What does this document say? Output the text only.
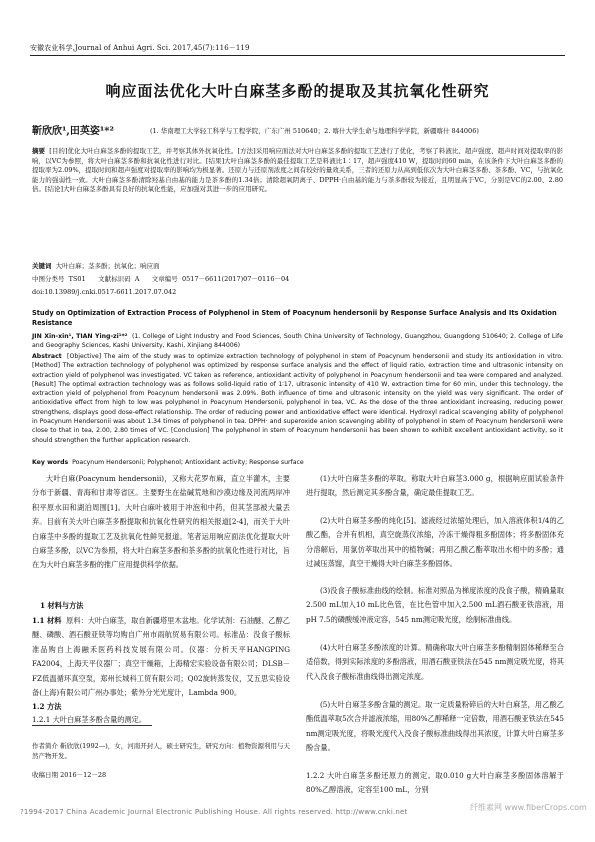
安徽农业科学,Journal of Anhui Agri. Sci. 2017,45(7):116－119
响应面法优化大叶白麻茎多酚的提取及其抗氧化性研究
靳欣欣¹,田英姿¹*²	(1. 华南理工大学轻工科学与工程学院，广东广州 510640；2. 喀什大学生命与地理科学学院，新疆喀什 844006)
摘要 [目的]优化大叶白麻茎多酚的提取工艺，并考察其体外抗氧化性。[方法]采用响应面法对大叶白麻茎多酚的提取工艺进行了优化，考察了料液比、超声强度、超声时间对提取率的影响，以VC为参照，将大叶白麻茎多酚和抗氧化性进行对比。[结果]大叶白麻茎多酚的最佳提取工艺是料液比1∶17，超声强度410 W，提取时间60 min，在该条件下大叶白麻茎多酚的提取率为2.09%，提取时间和超声强度对提取率的影响均为极显著。还原力与还原剂浓度之间有较好的量效关系，三者的还原力从高到低依次为大叶白麻茎多酚、茶多酚、VC，与抗氧化能力的强弱性一致。大叶白麻茎多酚清除羟基自由基的能力是茶多酚的1.34倍；清除超氧阴离子、DPPH·自由基的能力与茶多酚较为接近，且明显高于VC，分别是VC的2.00、2.80倍。[结论]大叶白麻茎多酚具有良好的抗氧化性能，应加强对其进一步的应用研究。
关键词 大叶白麻；茎多酚；抗氧化；响应面
中图分类号  TS01      文献标识码  A      文章编号  0517－6611(2017)07－0116－04
doi:10.13989/j.cnki.0517-6611.2017.07.042
Study on Optimization of Extraction Process of Polyphenol in Stem of Poacynum hendersonii by Response Surface Analysis and Its Oxidation Resistance
JIN Xin-xin¹, TIAN Ying-zi¹*² (1. College of Light Industry and Food Sciences, South China University of Technology, Guangzhou, Guangdong 510640; 2. College of Life and Geography Sciences, Kashi University, Kashi, Xinjiang 844006)
Abstract [Objective] The aim of the study was to optimize extraction technology of polyphenol in stem of Poacynum hendersonii and study its antioxidation in vitro. [Method] The extraction technology of polyphenol was optimized by response surface analysis and the effect of liquid ratio, extraction time and ultrasonic intensity on extraction yield of polyphenol was investigated. VC taken as reference, antioxidant activity of polyphenol in Poacynum hendersonii and tea were compared and analyzed. [Result] The optimal extraction technology was as follows solid-liquid ratio of 1∶17, ultrasonic intensity of 410 W, extraction time for 60 min, under this technology, the extraction yield of polyphenol from Poacynum hendersonii was 2.09%. Both influence of time and ultrasonic intensity on the yield was very significant. The order of antioxidative effect from high to low was polyphenol in Poacynum Hendersonii, polyphenol in tea, VC. As the dose of the three antioxidant increasing, reducing power strengthens, displays good dose-effect relationship. The order of reducing power and antioxidative effect were identical. Hydroxyl radical scavenging ability of polyphenol in Poacynum Hendersonii was about 1.34 times of polyphenol in tea. DPPH· and superoxide anion scavenging ability of polyphenol in stem of Poacynum hendersonii were close to that in tea, 2.00, 2.80 times of VC. [Conclusion] The polyphenol in stem of Poacynum hendersonii has been shown to exhibit excellent antioxidant activity, so it should strengthen the further application research.
Key words Poacynum Hendersonii; Polyphenol; Antioxidant activity; Response surface
大叶白麻(Poacynum hendersonii)，又称大花罗布麻，直立半灌木，主要分布于新疆、青海和甘肃等省区。主要野生在盐碱荒地和沙漠边缘及河流两岸冲积平原水田和湖泊周围[1]。大叶白麻叶被用于冲泡和中药，但其茎部被大量丢弃。目前有关大叶白麻茎多酚提取和抗氧化性研究的相关报道[2-4]，而关于大叶白麻茎中多酚的提取工艺及抗氧化性鲜见报道。笔者运用响应面法优化提取大叶白麻茎多酚，以VC为参照，将大叶白麻茎多酚和茶多酚的抗氧化性进行对比，旨在为大叶白麻茎多酚的推广应用提供科学依据。
1 材料与方法
1.1 材料 原料：大叶白麻茎，取自新疆塔里木盆地。化学试剂：石油醚、乙醇乙醚、磷酸、酒石酸亚铁等均购自广州市雨航贸易有限公司。标准品：没食子酸标准品购自上海融禾医药科技发展有限公司。仪器：分析天平HANGPING FA2004，上海天平仪器厂；真空干燥箱，上海精宏实验设备有限公司；DLSB－FZ低温循环真空泵，郑州长城科工贸有限公司；Q02旋转蒸发仪，艾五思实验设备(上海)有限公司广州办事处；紫外分光光度计，Lambda 900。
1.2 方法
1.2.1 大叶白麻茎多酚含量的测定。
作者简介 靳欣欣(1992—)，女，河南开封人，硕士研究生，研究方向：植物资源利用与天然产物开发。
收稿日期 2016－12－28
(1)大叶白麻茎多酚的萃取。称取大叶白麻茎3.000 g，根据响应面试验条件进行提取，然后测定其多酚含量，确定最佳提取工艺。
(2)大叶白麻茎多酚的纯化[5]。滤液经过浓缩处理后，加入溶液体积1/4的乙酸乙酯，合并有机相，真空旋蒸仪浓缩，冷冻干燥得粗多酚固体；将多酚固体充分溶解后，用氯仿萃取出其中的植物碱；再用乙酸乙酯萃取出水相中的多酚；通过减压蒸馏，真空干燥得大叶白麻茎多酚固体。
(3)没食子酸标准曲线的绘制。标准对照品为梯度浓度的没食子酸，精确量取2.500 mL加入10 mL比色管，在比色管中加入2.500 mL酒石酸亚铁溶液，用pH 7.5的磷酸缓冲液定容，545 nm测定吸光度，绘制标准曲线。
(4)大叶白麻茎多酚浓度的计算。精确称取大叶白麻茎多酚精制固体稀释至合适倍数，得到实际浓度的多酚溶液，用酒石酸亚铁法在545 nm测定吸光度，将其代入没食子酸标准曲线得出测定浓度。
(5)大叶白麻茎多酚含量的测定。取一定质量粉碎后的大叶白麻茎，用乙酸乙酯低温萃取5次合并滤液浓缩，用80%乙醇稀释一定倍数，用酒石酸亚铁法在545 nm测定吸光度，将吸光度代入没食子酸标准曲线得出其浓度，计算大叶白麻茎多酚含量。
1.2.2 大叶白麻茎多酚还原力的测定。取0.010 g大叶白麻茎多酚固体溶解于80%乙醇溶液，定容至100 mL，分别
?1994-2017 China Academic Journal Electronic Publishing House. All rights reserved. http://www.cnki.net	纤维素网 www.fiberCrops.com
